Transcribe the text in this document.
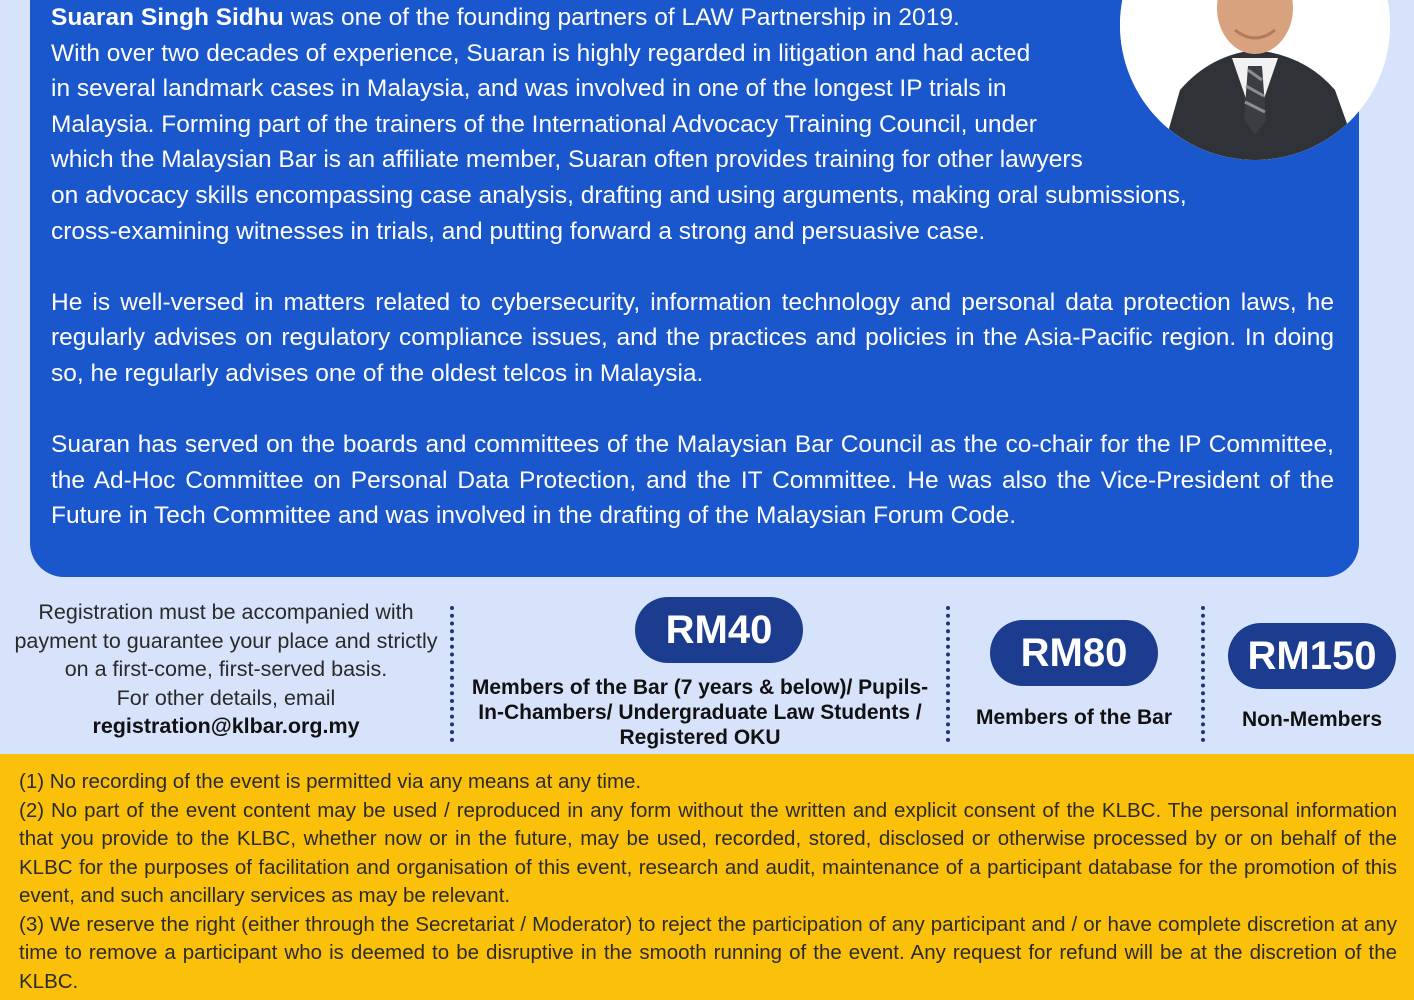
Suaran Singh Sidhu was one of the founding partners of LAW Partnership in 2019.
With over two decades of experience, Suaran is highly regarded in litigation and had acted
in several landmark cases in Malaysia, and was involved in one of the longest IP trials in
Malaysia. Forming part of the trainers of the International Advocacy Training Council, under
which the Malaysian Bar is an affiliate member, Suaran often provides training for other lawyers
on advocacy skills encompassing case analysis, drafting and using arguments, making oral submissions,
cross-examining witnesses in trials, and putting forward a strong and persuasive case.

He is well-versed in matters related to cybersecurity, information technology and personal data protection laws, he regularly advises on regulatory compliance issues, and the practices and policies in the Asia-Pacific region. In doing so, he regularly advises one of the oldest telcos in Malaysia.

Suaran has served on the boards and committees of the Malaysian Bar Council as the co-chair for the IP Committee, the Ad-Hoc Committee on Personal Data Protection, and the IT Committee. He was also the Vice-President of the Future in Tech Committee and was involved in the drafting of the Malaysian Forum Code.

Registration must be accompanied with payment to guarantee your place and strictly on a first-come, first-served basis.
For other details, email
registration@klbar.org.my
RM40
Members of the Bar (7 years & below)/ Pupils-In-Chambers/ Undergraduate Law Students / Registered OKU
RM80
Members of the Bar
RM150
Non-Members
(1) No recording of the event is permitted via any means at any time.
(2) No part of the event content may be used / reproduced in any form without the written and explicit consent of the KLBC. The personal information that you provide to the KLBC, whether now or in the future, may be used, recorded, stored, disclosed or otherwise processed by or on behalf of the KLBC for the purposes of facilitation and organisation of this event, research and audit, maintenance of a participant database for the promotion of this event, and such ancillary services as may be relevant.
(3) We reserve the right (either through the Secretariat / Moderator) to reject the participation of any participant and / or have complete discretion at any time to remove a participant who is deemed to be disruptive in the smooth running of the event. Any request for refund will be at the discretion of the KLBC.
